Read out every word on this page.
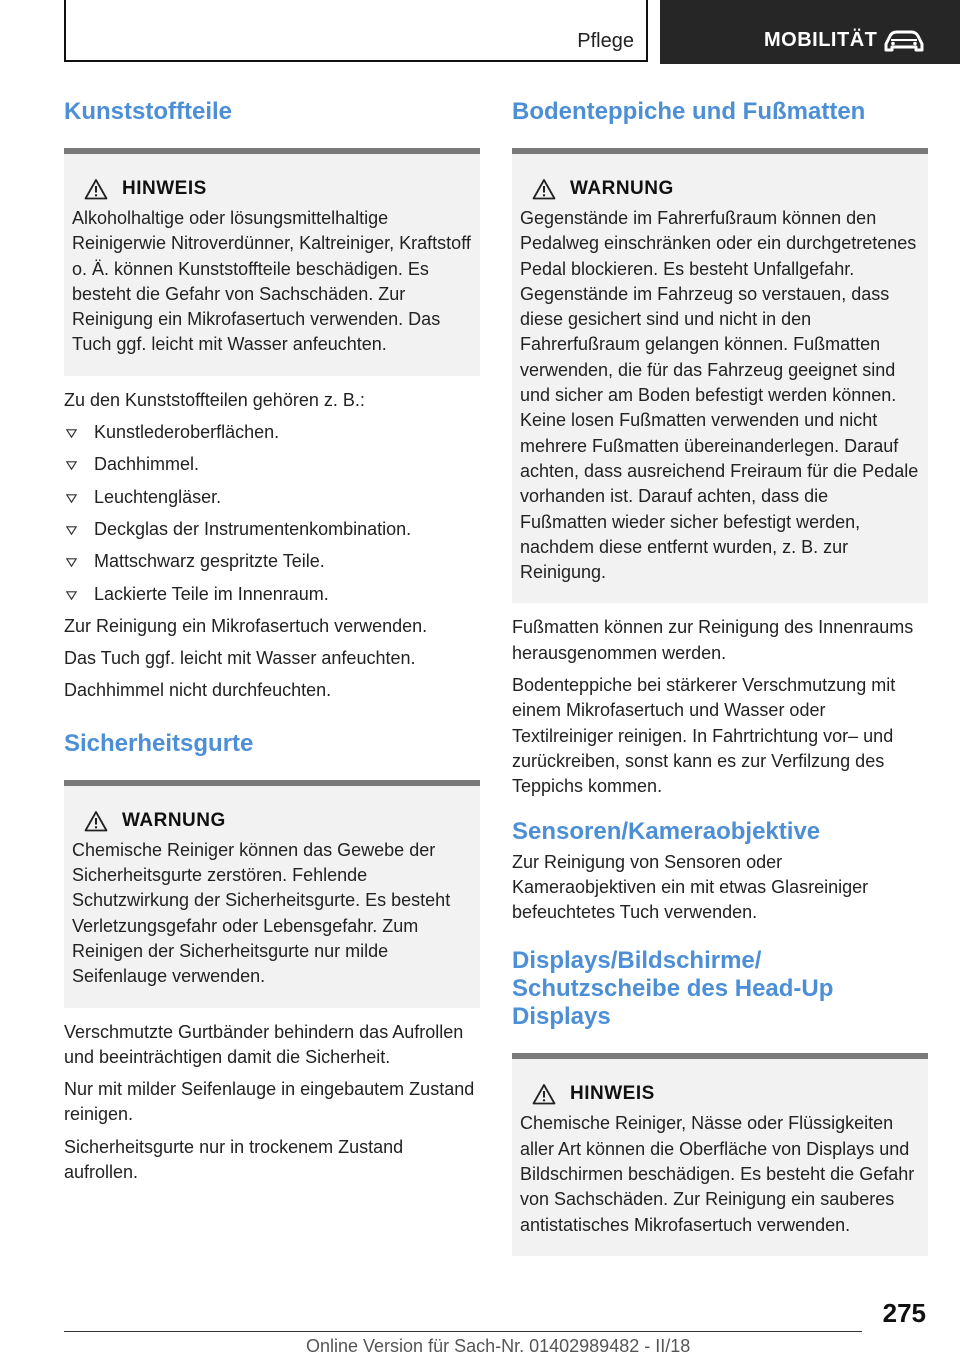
Pflege	MOBILITÄT
Kunststoffteile
HINWEIS

Alkoholhaltige oder lösungsmittelhaltige Reinigerwie Nitroverdünner, Kaltreiniger, Kraftstoff o. Ä. können Kunststoffteile beschädigen. Es besteht die Gefahr von Sachschäden. Zur Reinigung ein Mikrofasertuch verwenden. Das Tuch ggf. leicht mit Wasser anfeuchten.

Zu den Kunststoffteilen gehören z. B.:

Kunstlederoberflächen.
Dachhimmel.
Leuchtengläser.
Deckglas der Instrumentenkombination.
Mattschwarz gespritzte Teile.
Lackierte Teile im Innenraum.

Zur Reinigung ein Mikrofasertuch verwenden.

Das Tuch ggf. leicht mit Wasser anfeuchten.

Dachhimmel nicht durchfeuchten.

Sicherheitsgurte
WARNUNG

Chemische Reiniger können das Gewebe der Sicherheitsgurte zerstören. Fehlende Schutzwirkung der Sicherheitsgurte. Es besteht Verletzungsgefahr oder Lebensgefahr. Zum Reinigen der Sicherheitsgurte nur milde Seifenlauge verwenden.

Verschmutzte Gurtbänder behindern das Aufrollen und beeinträchtigen damit die Sicherheit.

Nur mit milder Seifenlauge in eingebautem Zustand reinigen.

Sicherheitsgurte nur in trockenem Zustand aufrollen.

Bodenteppiche und Fußmatten
WARNUNG

Gegenstände im Fahrerfußraum können den Pedalweg einschränken oder ein durchgetretenes Pedal blockieren. Es besteht Unfallgefahr. Gegenstände im Fahrzeug so verstauen, dass diese gesichert sind und nicht in den Fahrerfußraum gelangen können. Fußmatten verwenden, die für das Fahrzeug geeignet sind und sicher am Boden befestigt werden können. Keine losen Fußmatten verwenden und nicht mehrere Fußmatten übereinanderlegen. Darauf achten, dass ausreichend Freiraum für die Pedale vorhanden ist. Darauf achten, dass die Fußmatten wieder sicher befestigt werden, nachdem diese entfernt wurden, z. B. zur Reinigung.

Fußmatten können zur Reinigung des Innenraums herausgenommen werden.

Bodenteppiche bei stärkerer Verschmutzung mit einem Mikrofasertuch und Wasser oder Textilreiniger reinigen. In Fahrtrichtung vor– und zurückreiben, sonst kann es zur Verfilzung des Teppichs kommen.

Sensoren/Kameraobjektive

Zur Reinigung von Sensoren oder Kameraobjektiven ein mit etwas Glasreiniger befeuchtetes Tuch verwenden.

Displays/Bildschirme/ Schutzscheibe des Head-Up Displays
HINWEIS

Chemische Reiniger, Nässe oder Flüssigkeiten aller Art können die Oberfläche von Displays und Bildschirmen beschädigen. Es besteht die Gefahr von Sachschäden. Zur Reinigung ein sauberes antistatisches Mikrofasertuch verwenden.

275
Online Version für Sach-Nr. 01402989482 - II/18
